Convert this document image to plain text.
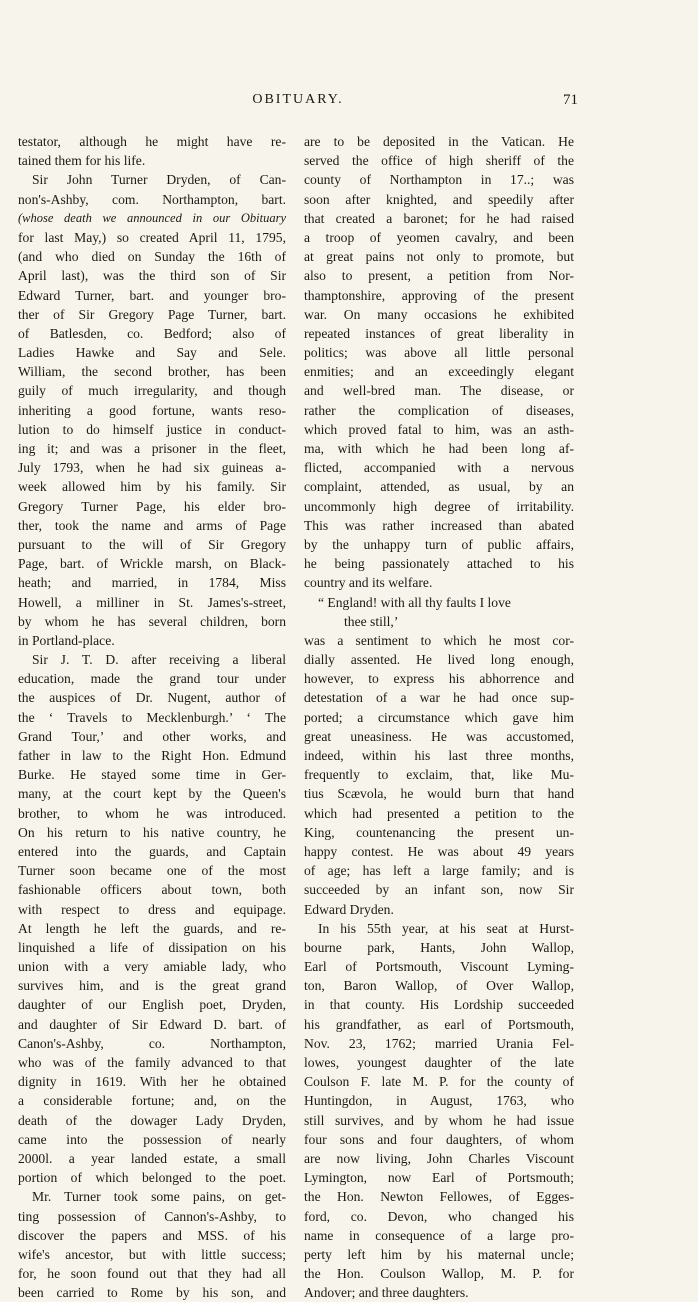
OBITUARY.	71
testator, although he might have re-
tained them for his life.
Sir John Turner Dryden, of Can-
non's-Ashby, com. Northampton, bart.
(whose death we announced in our Obituary
for last May,) so created April 11, 1795,
(and who died on Sunday the 16th of
April last), was the third son of Sir
Edward Turner, bart. and younger bro-
ther of Sir Gregory Page Turner, bart.
of Batlesden, co. Bedford; also of
Ladies Hawke and Say and Sele.
William, the second brother, has been
guily of much irregularity, and though
inheriting a good fortune, wants reso-
lution to do himself justice in conduct-
ing it; and was a prisoner in the fleet,
July 1793, when he had six guineas a-
week allowed him by his family. Sir
Gregory Turner Page, his elder bro-
ther, took the name and arms of Page
pursuant to the will of Sir Gregory
Page, bart. of Wrickle marsh, on Black-
heath; and married, in 1784, Miss
Howell, a milliner in St. James's-street,
by whom he has several children, born
in Portland-place.
Sir J. T. D. after receiving a liberal
education, made the grand tour under
the auspices of Dr. Nugent, author of
the ‘ Travels to Mecklenburgh.’ ‘ The
Grand Tour,’ and other works, and
father in law to the Right Hon. Edmund
Burke. He stayed some time in Ger-
many, at the court kept by the Queen's
brother, to whom he was introduced.
On his return to his native country, he
entered into the guards, and Captain
Turner soon became one of the most
fashionable officers about town, both
with respect to dress and equipage.
At length he left the guards, and re-
linquished a life of dissipation on his
union with a very amiable lady, who
survives him, and is the great grand
daughter of our English poet, Dryden,
and daughter of Sir Edward D. bart. of
Canon's-Ashby, co. Northampton,
who was of the family advanced to that
dignity in 1619. With her he obtained
a considerable fortune; and, on the
death of the dowager Lady Dryden,
came into the possession of nearly
2000l. a year landed estate, a small
portion of which belonged to the poet.
Mr. Turner took some pains, on get-
ting possession of Cannon's-Ashby, to
discover the papers and MSS. of his
wife's ancestor, but with little success;
for, he soon found out that they had all
been carried to Rome by his son, and
are to be deposited in the Vatican. He
served the office of high sheriff of the
county of Northampton in 17..; was
soon after knighted, and speedily after
that created a baronet; for he had raised
a troop of yeomen cavalry, and been
at great pains not only to promote, but
also to present, a petition from Nor-
thamptonshire, approving of the present
war. On many occasions he exhibited
repeated instances of great liberality in
politics; was above all little personal
enmities; and an exceedingly elegant
and well-bred man. The disease, or
rather the complication of diseases,
which proved fatal to him, was an asth-
ma, with which he had been long af-
flicted, accompanied with a nervous
complaint, attended, as usual, by an
uncommonly high degree of irritability.
This was rather increased than abated
by the unhappy turn of public affairs,
he being passionately attached to his
country and its welfare.
“ England! with all thy faults I love
thee still,’
was a sentiment to which he most cor-
dially assented. He lived long enough,
however, to express his abhorrence and
detestation of a war he had once sup-
ported; a circumstance which gave him
great uneasiness. He was accustomed,
indeed, within his last three months,
frequently to exclaim, that, like Mu-
tius Scævola, he would burn that hand
which had presented a petition to the
King, countenancing the present un-
happy contest. He was about 49 years
of age; has left a large family; and is
succeeded by an infant son, now Sir
Edward Dryden.
In his 55th year, at his seat at Hurst-
bourne park, Hants, John Wallop,
Earl of Portsmouth, Viscount Lyming-
ton, Baron Wallop, of Over Wallop,
in that county. His Lordship succeeded
his grandfather, as earl of Portsmouth,
Nov. 23, 1762; married Urania Fel-
lowes, youngest daughter of the late
Coulson F. late M. P. for the county of
Huntingdon, in August, 1763, who
still survives, and by whom he had issue
four sons and four daughters, of whom
are now living, John Charles Viscount
Lymington, now Earl of Portsmouth;
the Hon. Newton Fellowes, of Egges-
ford, co. Devon, who changed his
name in consequence of a large pro-
perty left him by his maternal uncle;
the Hon. Coulson Wallop, M. P. for
Andover; and three daughters.
